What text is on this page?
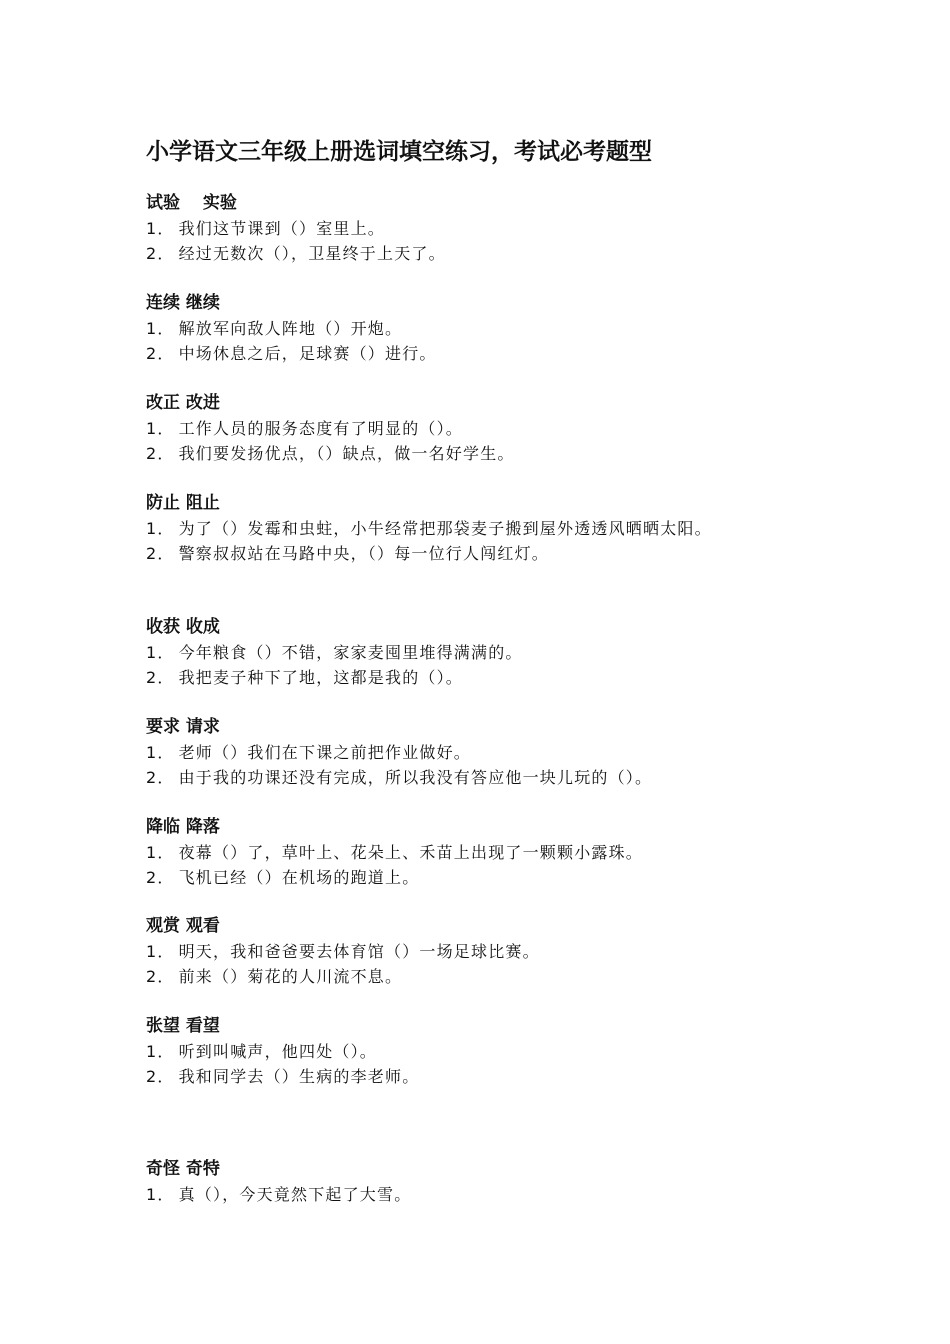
小学语文三年级上册选词填空练习，考试必考题型
试验　 实验

1． 我们这节课到（）室里上。

2． 经过无数次（），卫星终于上天了。

连续 继续

1． 解放军向敌人阵地（）开炮。

2． 中场休息之后，足球赛（）进行。

改正 改进

1． 工作人员的服务态度有了明显的（）。

2． 我们要发扬优点，（）缺点，做一名好学生。

防止 阻止

1． 为了（）发霉和虫蛀，小牛经常把那袋麦子搬到屋外透透风晒晒太阳。

2． 警察叔叔站在马路中央，（）每一位行人闯红灯。

收获 收成

1． 今年粮食（）不错，家家麦囤里堆得满满的。

2． 我把麦子种下了地，这都是我的（）。

要求 请求

1． 老师（）我们在下课之前把作业做好。

2． 由于我的功课还没有完成，所以我没有答应他一块儿玩的（）。

降临 降落

1． 夜幕（）了，草叶上、花朵上、禾苗上出现了一颗颗小露珠。

2． 飞机已经（）在机场的跑道上。

观赏 观看

1． 明天，我和爸爸要去体育馆（）一场足球比赛。

2． 前来（）菊花的人川流不息。

张望 看望

1． 听到叫喊声，他四处（）。

2． 我和同学去（）生病的李老师。

奇怪 奇特

1． 真（），今天竟然下起了大雪。
